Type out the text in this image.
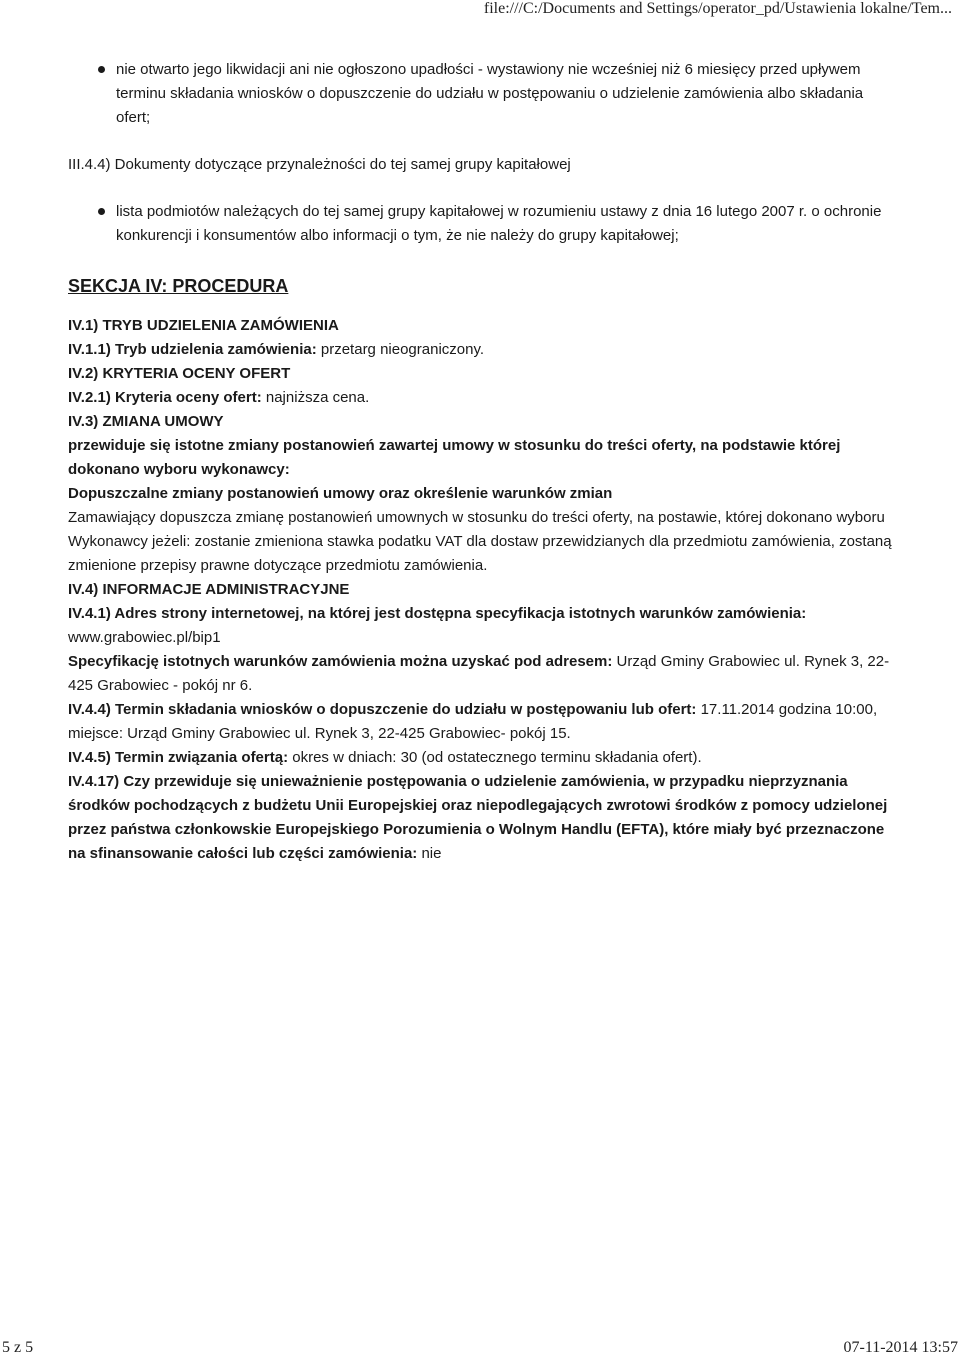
file:///C:/Documents and Settings/operator_pd/Ustawienia lokalne/Tem...

nie otwarto jego likwidacji ani nie ogłoszono upadłości - wystawiony nie wcześniej niż 6 miesięcy przed upływem terminu składania wniosków o dopuszczenie do udziału w postępowaniu o udzielenie zamówienia albo składania ofert;

III.4.4) Dokumenty dotyczące przynależności do tej samej grupy kapitałowej

lista podmiotów należących do tej samej grupy kapitałowej w rozumieniu ustawy z dnia 16 lutego 2007 r. o ochronie konkurencji i konsumentów albo informacji o tym, że nie należy do grupy kapitałowej;

SEKCJA IV: PROCEDURA

IV.1) TRYB UDZIELENIA ZAMÓWIENIA

IV.1.1) Tryb udzielenia zamówienia: przetarg nieograniczony.

IV.2) KRYTERIA OCENY OFERT

IV.2.1) Kryteria oceny ofert: najniższa cena.

IV.3) ZMIANA UMOWY

przewiduje się istotne zmiany postanowień zawartej umowy w stosunku do treści oferty, na podstawie której dokonano wyboru wykonawcy:

Dopuszczalne zmiany postanowień umowy oraz określenie warunków zmian

Zamawiający dopuszcza zmianę postanowień umownych w stosunku do treści oferty, na postawie, której dokonano wyboru Wykonawcy jeżeli: zostanie zmieniona stawka podatku VAT dla dostaw przewidzianych dla przedmiotu zamówienia, zostaną zmienione przepisy prawne dotyczące przedmiotu zamówienia.

IV.4) INFORMACJE ADMINISTRACYJNE

IV.4.1) Adres strony internetowej, na której jest dostępna specyfikacja istotnych warunków zamówienia:

www.grabowiec.pl/bip1

Specyfikację istotnych warunków zamówienia można uzyskać pod adresem: Urząd Gminy Grabowiec ul. Rynek 3, 22-425 Grabowiec - pokój nr 6.

IV.4.4) Termin składania wniosków o dopuszczenie do udziału w postępowaniu lub ofert: 17.11.2014 godzina 10:00, miejsce: Urząd Gminy Grabowiec ul. Rynek 3, 22-425 Grabowiec- pokój 15.

IV.4.5) Termin związania ofertą: okres w dniach: 30 (od ostatecznego terminu składania ofert).

IV.4.17) Czy przewiduje się unieważnienie postępowania o udzielenie zamówienia, w przypadku nieprzyznania środków pochodzących z budżetu Unii Europejskiej oraz niepodlegających zwrotowi środków z pomocy udzielonej przez państwa członkowskie Europejskiego Porozumienia o Wolnym Handlu (EFTA), które miały być przeznaczone na sfinansowanie całości lub części zamówienia: nie

5 z 5	07-11-2014 13:57
